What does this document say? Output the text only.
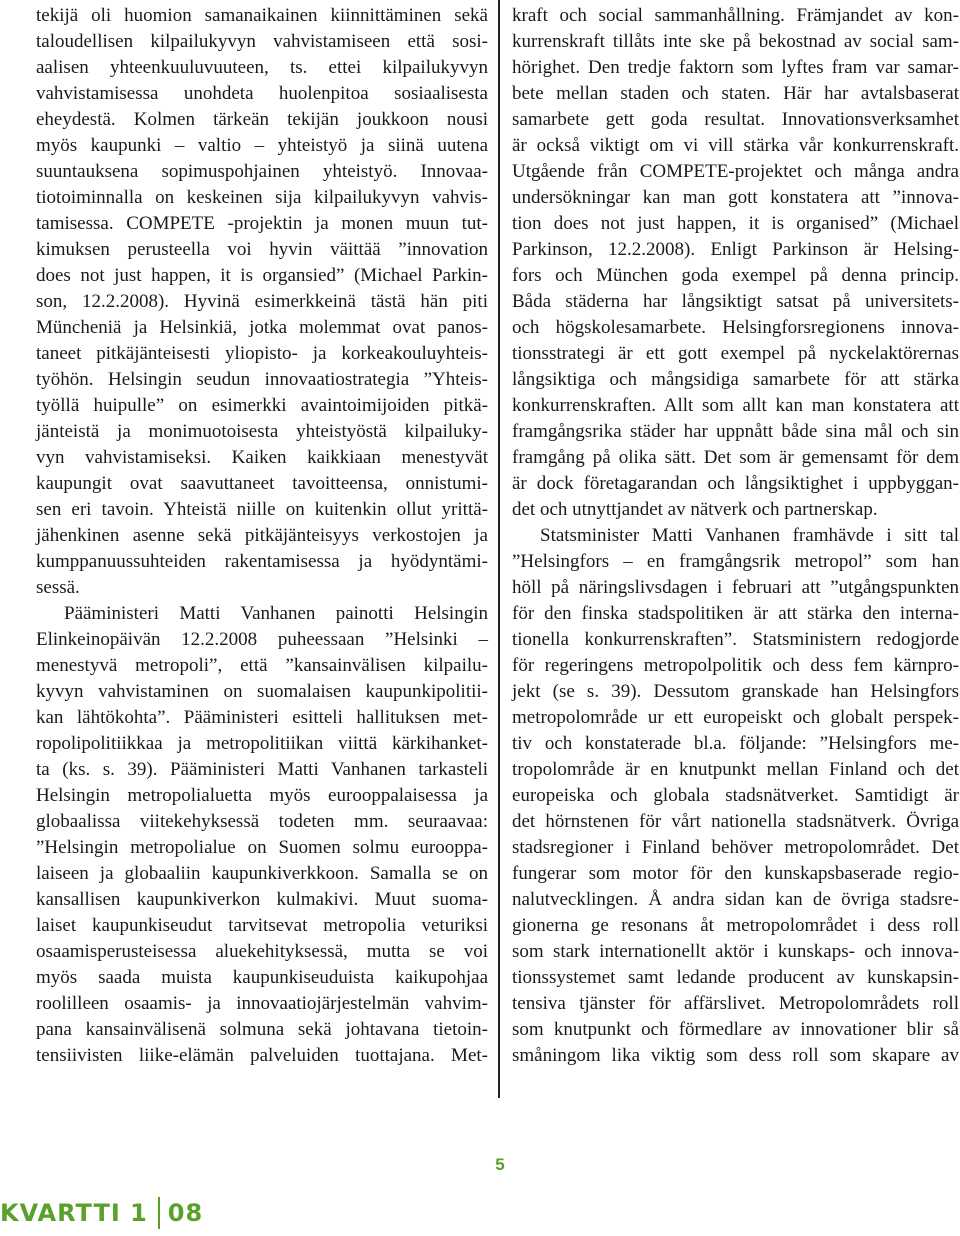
tekijä oli huomion samanaikainen kiinnittäminen sekä
taloudellisen kilpailukyvyn vahvistamiseen että sosi-
aalisen yhteenkuuluvuuteen, ts. ettei kilpailukyvyn
vahvistamisessa unohdeta huolenpitoa sosiaalisesta
eheydestä. Kolmen tärkeän tekijän joukkoon nousi
myös kaupunki – valtio – yhteistyö ja siinä uutena
suuntauksena sopimuspohjainen yhteistyö. Innovaa-
tiotoiminnalla on keskeinen sija kilpailukyvyn vahvis-
tamisessa. COMPETE -projektin ja monen muun tut-
kimuksen perusteella voi hyvin väittää ”innovation
does not just happen, it is organsied” (Michael Parkin-
son, 12.2.2008). Hyvinä esimerkkeinä tästä hän piti
Müncheniä ja Helsinkiä, jotka molemmat ovat panos-
taneet pitkäjänteisesti yliopisto- ja korkeakouluyhteis-
työhön. Helsingin seudun innovaatiostrategia ”Yhteis-
työllä huipulle” on esimerkki avaintoimijoiden pitkä-
jänteistä ja monimuotoisesta yhteistyöstä kilpailuky-
vyn vahvistamiseksi. Kaiken kaikkiaan menestyvät
kaupungit ovat saavuttaneet tavoitteensa, onnistumi-
sen eri tavoin. Yhteistä niille on kuitenkin ollut yrittä-
jähenkinen asenne sekä pitkäjänteisyys verkostojen ja
kumppanuussuhteiden rakentamisessa ja hyödyntämi-
sessä.
Pääministeri Matti Vanhanen painotti Helsingin
Elinkeinopäivän 12.2.2008 puheessaan ”Helsinki –
menestyvä metropoli”, että ”kansainvälisen kilpailu-
kyvyn vahvistaminen on suomalaisen kaupunkipolitii-
kan lähtökohta”. Pääministeri esitteli hallituksen met-
ropolipolitiikkaa ja metropolitiikan viittä kärkihanket-
ta (ks. s. 39). Pääministeri Matti Vanhanen tarkasteli
Helsingin metropolialuetta myös eurooppalaisessa ja
globaalissa viitekehyksessä todeten mm. seuraavaa:
”Helsingin metropolialue on Suomen solmu eurooppa-
laiseen ja globaaliin kaupunkiverkkoon. Samalla se on
kansallisen kaupunkiverkon kulmakivi. Muut suoma-
laiset kaupunkiseudut tarvitsevat metropolia veturiksi
osaamisperusteisessa aluekehityksessä, mutta se voi
myös saada muista kaupunkiseuduista kaikupohjaa
roolilleen osaamis- ja innovaatiojärjestelmän vahvim-
pana kansainvälisenä solmuna sekä johtavana tietoin-
tensiivisten liike-elämän palveluiden tuottajana. Met-
kraft och social sammanhållning. Främjandet av kon-
kurrenskraft tillåts inte ske på bekostnad av social sam-
hörighet. Den tredje faktorn som lyftes fram var samar-
bete mellan staden och staten. Här har avtalsbaserat
samarbete gett goda resultat. Innovationsverksamhet
är också viktigt om vi vill stärka vår konkurrenskraft.
Utgående från COMPETE-projektet och många andra
undersökningar kan man gott konstatera att ”innova-
tion does not just happen, it is organised” (Michael
Parkinson, 12.2.2008). Enligt Parkinson är Helsing-
fors och München goda exempel på denna princip.
Båda städerna har långsiktigt satsat på universitets-
och högskolesamarbete. Helsingforsregionens innova-
tionsstrategi är ett gott exempel på nyckelaktörernas
långsiktiga och mångsidiga samarbete för att stärka
konkurrenskraften. Allt som allt kan man konstatera att
framgångsrika städer har uppnått både sina mål och sin
framgång på olika sätt. Det som är gemensamt för dem
är dock företagarandan och långsiktighet i uppbyggan-
det och utnyttjandet av nätverk och partnerskap.
Statsminister Matti Vanhanen framhävde i sitt tal
”Helsingfors – en framgångsrik metropol” som han
höll på näringslivsdagen i februari att ”utgångspunkten
för den finska stadspolitiken är att stärka den interna-
tionella konkurrenskraften”. Statsministern redogjorde
för regeringens metropolpolitik och dess fem kärnpro-
jekt (se s. 39). Dessutom granskade han Helsingfors
metropolområde ur ett europeiskt och globalt perspek-
tiv och konstaterade bl.a. följande: ”Helsingfors me-
tropolområde är en knutpunkt mellan Finland och det
europeiska och globala stadsnätverket. Samtidigt är
det hörnstenen för vårt nationella stadsnätverk. Övriga
stadsregioner i Finland behöver metropolområdet. Det
fungerar som motor för den kunskapsbaserade regio-
nalutvecklingen. Å andra sidan kan de övriga stadsre-
gionerna ge resonans åt metropolområdet i dess roll
som stark internationellt aktör i kunskaps- och innova-
tionssystemet samt ledande producent av kunskapsin-
tensiva tjänster för affärslivet. Metropolområdets roll
som knutpunkt och förmedlare av innovationer blir så
småningom lika viktig som dess roll som skapare av
5
KVARTTI 1 08
